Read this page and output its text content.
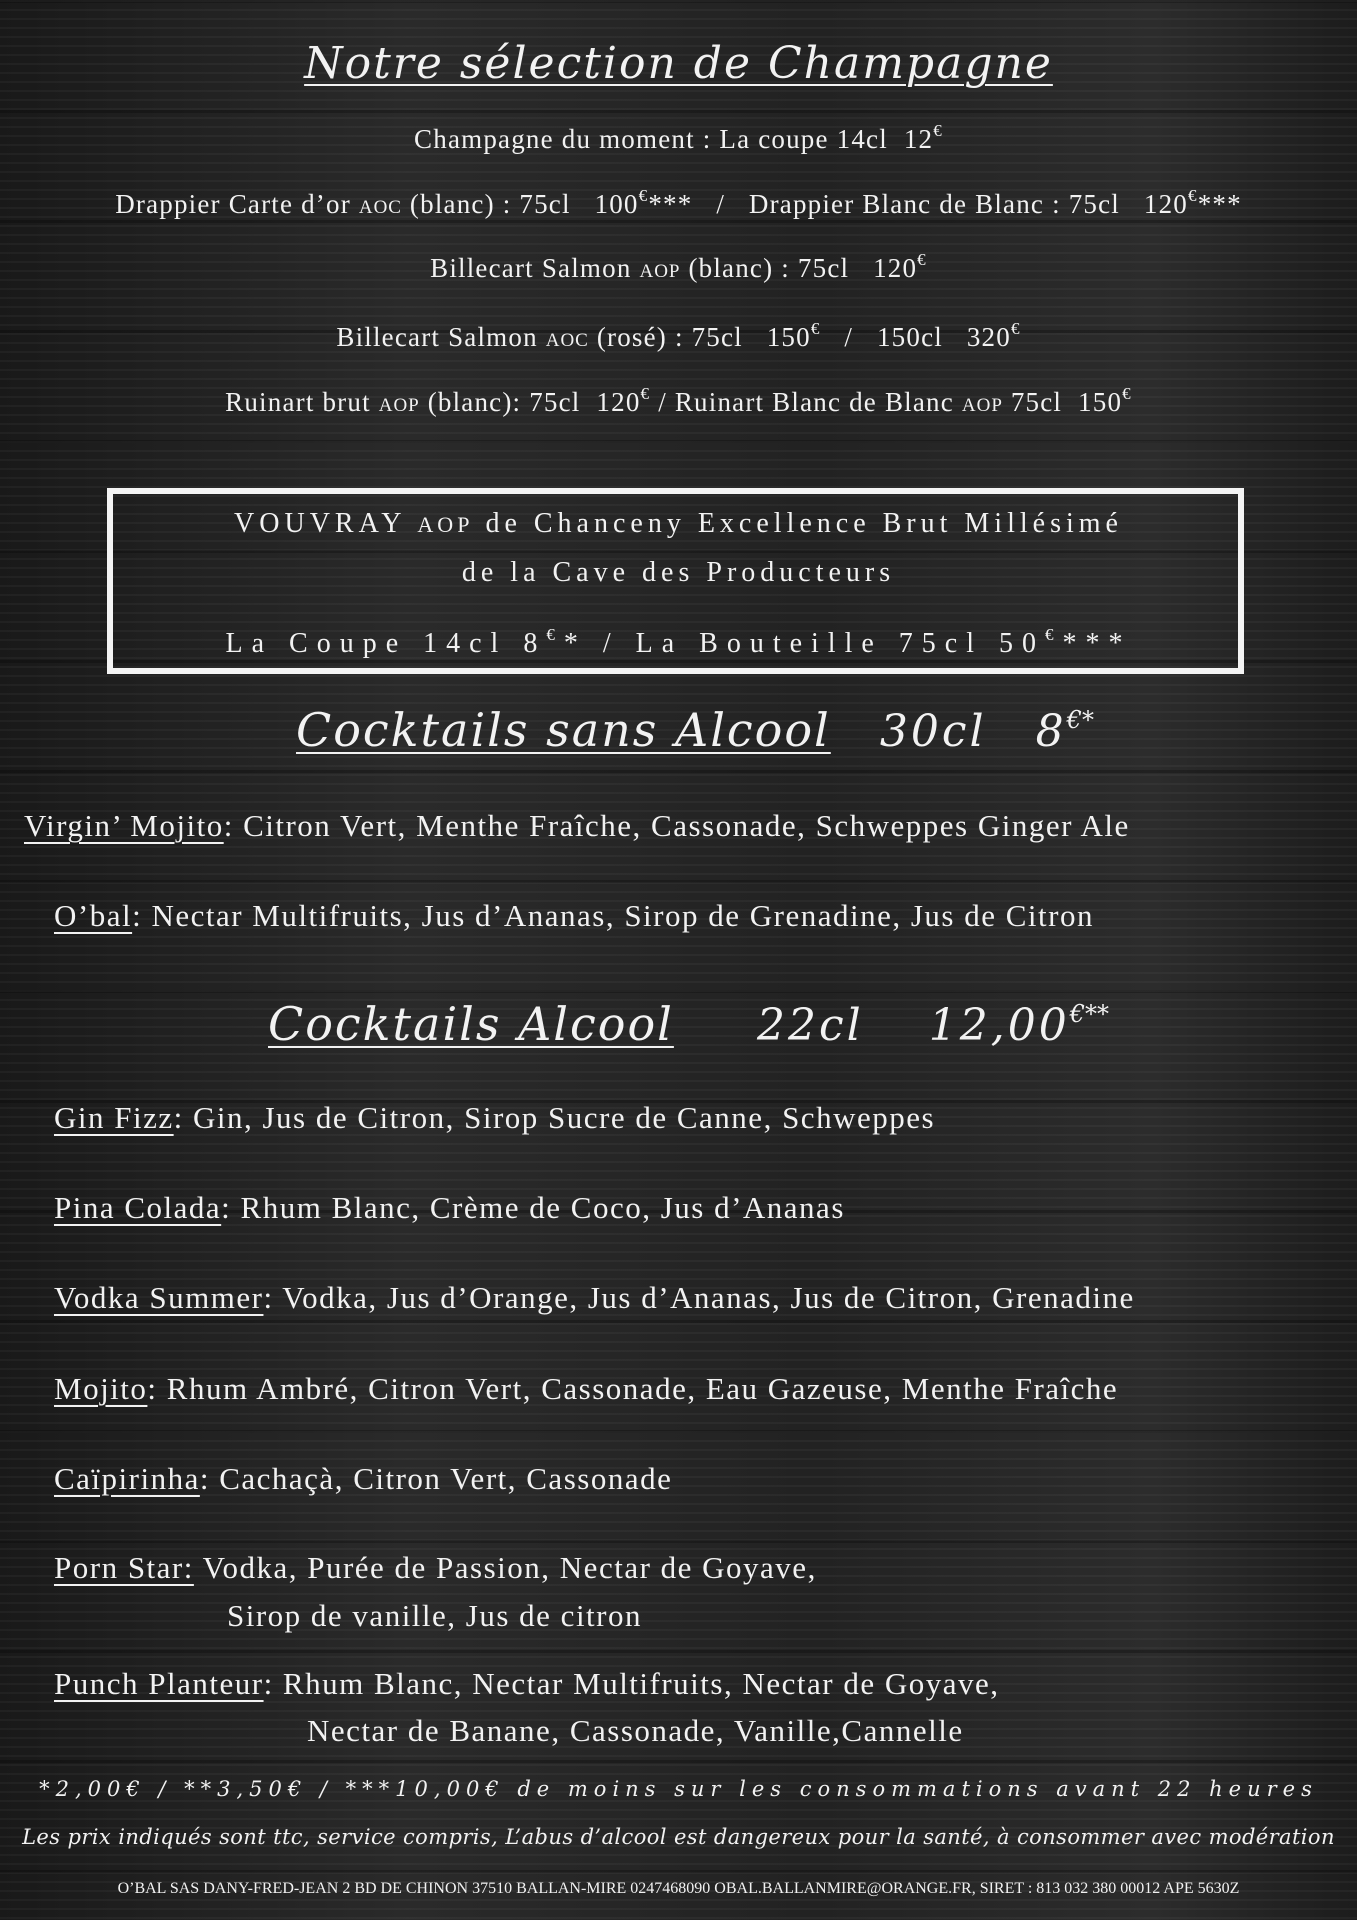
Notre sélection de Champagne
Champagne du moment : La coupe 14cl 12€
Drappier Carte d’or AOC (blanc) : 75cl 100€*** / Drappier Blanc de Blanc : 75cl 120€***
Billecart Salmon AOP (blanc) : 75cl 120€
Billecart Salmon AOC (rosé) : 75cl 150€ / 150cl 320€
Ruinart brut AOP (blanc): 75cl 120€ / Ruinart Blanc de Blanc AOP 75cl 150€
VOUVRAY AOP de Chanceny Excellence Brut Millésimé
de la Cave des Producteurs
La Coupe 14cl 8€* / La Bouteille 75cl 50€***
Cocktails sans Alcool 30cl 8€*
Virgin’ Mojito: Citron Vert, Menthe Fraîche, Cassonade, Schweppes Ginger Ale
O’bal: Nectar Multifruits, Jus d’Ananas, Sirop de Grenadine, Jus de Citron
Cocktails Alcool 22cl 12,00€**
Gin Fizz: Gin, Jus de Citron, Sirop Sucre de Canne, Schweppes
Pina Colada: Rhum Blanc, Crème de Coco, Jus d’Ananas
Vodka Summer: Vodka, Jus d’Orange, Jus d’Ananas, Jus de Citron, Grenadine
Mojito: Rhum Ambré, Citron Vert, Cassonade, Eau Gazeuse, Menthe Fraîche
Caïpirinha: Cachaçà, Citron Vert, Cassonade
Porn Star: Vodka, Purée de Passion, Nectar de Goyave,
Sirop de vanille, Jus de citron
Punch Planteur: Rhum Blanc, Nectar Multifruits, Nectar de Goyave,
Nectar de Banane, Cassonade, Vanille,Cannelle
*2,00€ / **3,50€ / ***10,00€ de moins sur les consommations avant 22 heures
Les prix indiqués sont ttc, service compris, L’abus d’alcool est dangereux pour la santé, à consommer avec modération
O’BAL SAS DANY-FRED-JEAN 2 BD DE CHINON 37510 BALLAN-MIRE 0247468090 OBAL.BALLANMIRE@ORANGE.FR, SIRET : 813 032 380 00012 APE 5630Z
